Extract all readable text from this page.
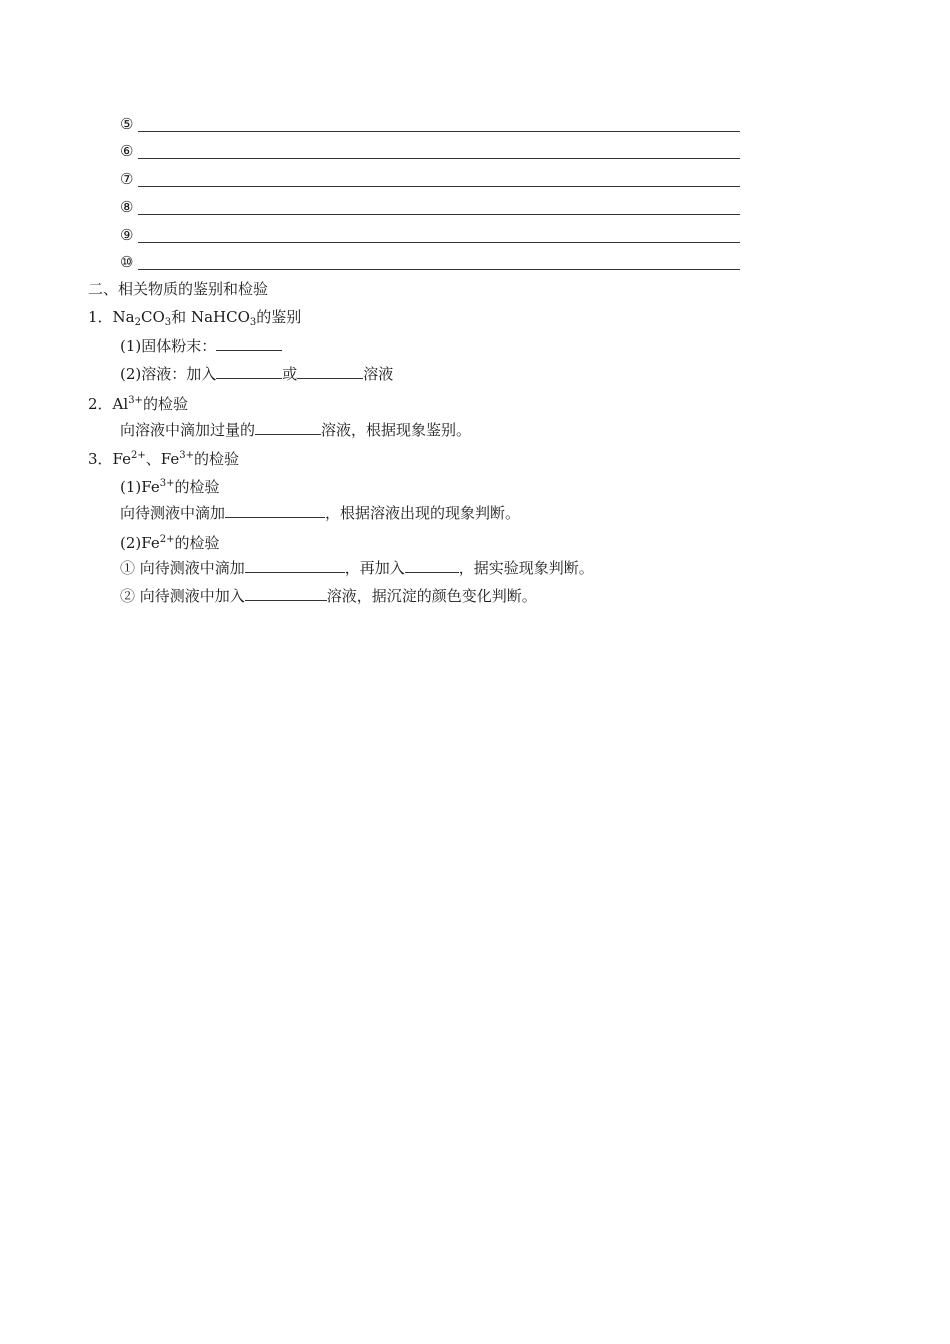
⑤
⑥
⑦
⑧
⑨
⑩
二、相关物质的鉴别和检验
1．$Na_2CO_3$和 NaHCO$_3$的鉴别
(1)固体粉末：
(2)溶液：加入	或	溶液
2．$Al^{3+}$的检验
向溶液中滴加过量的	溶液，根据现象鉴别。
3．$Fe^{2+}$、$Fe^{3+}$的检验
$(1)Fe^{3+}$的检验
向待测液中滴加	，根据溶液出现的现象判断。
$(2)Fe^{2+}$的检验
① 向待测液中滴加	，再加入	，据实验现象判断。
② 向待测液中加入	溶液，据沉淀的颜色变化判断。
